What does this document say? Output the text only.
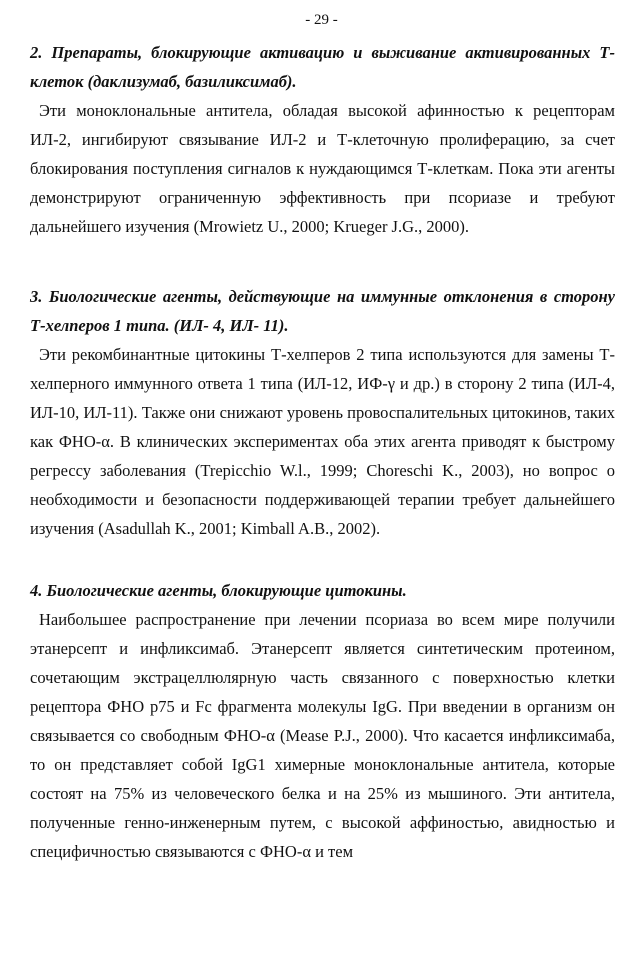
- 29 -

2. Препараты, блокирующие активацию и выживание активированных Т-клеток (даклизумаб, базиликсимаб).

Эти моноклональные антитела, обладая высокой афинностью к рецепторам ИЛ-2, ингибируют связывание ИЛ-2 и Т-клеточную пролиферацию, за счет блокирования поступления сигналов к нуждающимся Т-клеткам. Пока эти агенты демонстрируют ограниченную эффективность при псориазе и требуют дальнейшего изучения (Mrowietz U., 2000; Krueger J.G., 2000).

3. Биологические агенты, действующие на иммунные отклонения в сторону Т-хелперов 1 типа. (ИЛ- 4, ИЛ- 11).

Эти рекомбинантные цитокины Т-хелперов 2 типа используются для замены Т-хелперного иммунного ответа 1 типа (ИЛ-12, ИФ-γ и др.) в сторону 2 типа (ИЛ-4, ИЛ-10, ИЛ-11). Также они снижают уровень провоспалительных цитокинов, таких как ФНО-α. В клинических экспериментах оба этих агента приводят к быстрому регрессу заболевания (Trepicchio W.l., 1999; Choreschi K., 2003), но вопрос о необходимости и безопасности поддерживающей терапии требует дальнейшего изучения (Asadullah K., 2001; Kimball A.B., 2002).

4. Биологические агенты, блокирующие цитокины.

Наибольшее распространение при лечении псориаза во всем мире получили этанерсепт и инфликсимаб. Этанерсепт является синтетическим протеином, сочетающим экстрацеллюлярную часть связанного с поверхностью клетки рецептора ФНО p75 и Fc фрагмента молекулы IgG. При введении в организм он связывается со свободным ФНО-α (Mease P.J., 2000). Что касается инфликсимаба, то он представляет собой IgG1 химерные моноклональные антитела, которые состоят на 75% из человеческого белка и на 25% из мышиного. Эти антитела, полученные генно-инженерным путем, с высокой аффиностью, авидностью и специфичностью связываются с ФНО-α и тем
